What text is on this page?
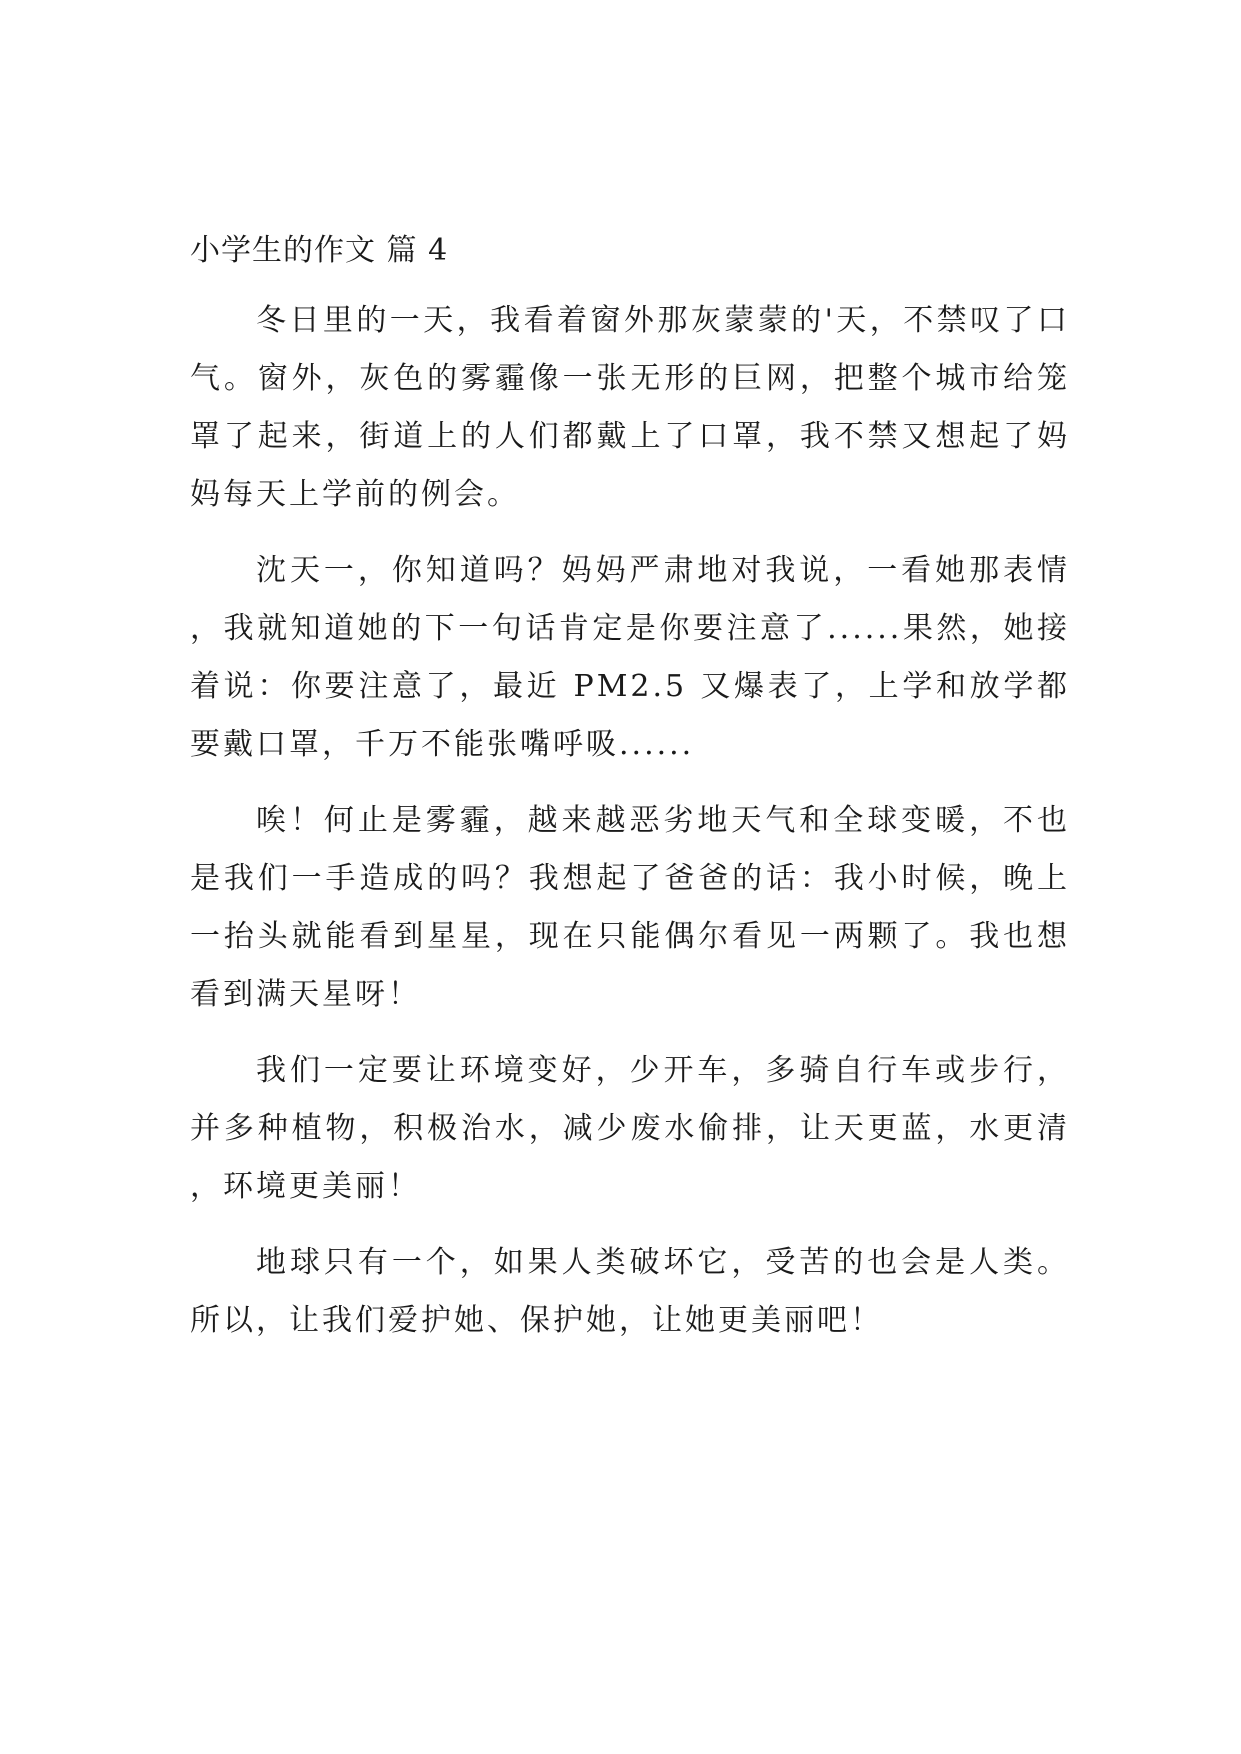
小学生的作文 篇 4

冬日里的一天，我看着窗外那灰蒙蒙的'天，不禁叹了口气。窗外，灰色的雾霾像一张无形的巨网，把整个城市给笼罩了起来，街道上的人们都戴上了口罩，我不禁又想起了妈妈每天上学前的例会。

沈天一，你知道吗？妈妈严肃地对我说，一看她那表情，我就知道她的下一句话肯定是你要注意了......果然，她接着说：你要注意了，最近 PM2.5 又爆表了，上学和放学都要戴口罩，千万不能张嘴呼吸......

唉！何止是雾霾，越来越恶劣地天气和全球变暖，不也是我们一手造成的吗？我想起了爸爸的话：我小时候，晚上一抬头就能看到星星，现在只能偶尔看见一两颗了。我也想看到满天星呀！

我们一定要让环境变好，少开车，多骑自行车或步行，并多种植物，积极治水，减少废水偷排，让天更蓝，水更清，环境更美丽！

地球只有一个，如果人类破坏它，受苦的也会是人类。所以，让我们爱护她、保护她，让她更美丽吧！
